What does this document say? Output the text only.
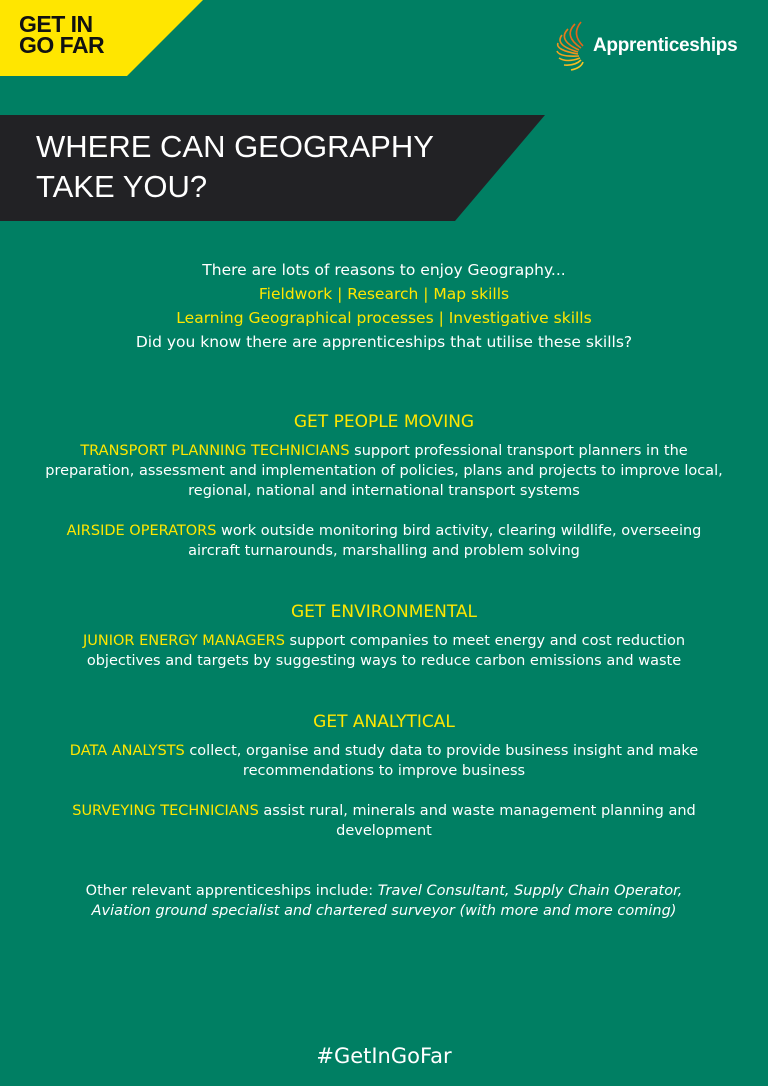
GET IN
GO FAR	Apprenticeships
WHERE CAN GEOGRAPHY
TAKE YOU?
There are lots of reasons to enjoy Geography...
Fieldwork | Research | Map skills
Learning Geographical processes | Investigative skills
Did you know there are apprenticeships that utilise these skills?
GET PEOPLE MOVING
TRANSPORT PLANNING TECHNICIANS support professional transport planners in the
preparation, assessment and implementation of policies, plans and projects to improve local,
regional, national and international transport systems
AIRSIDE OPERATORS work outside monitoring bird activity, clearing wildlife, overseeing
aircraft turnarounds, marshalling and problem solving
GET ENVIRONMENTAL
JUNIOR ENERGY MANAGERS support companies to meet energy and cost reduction
objectives and targets by suggesting ways to reduce carbon emissions and waste
GET ANALYTICAL
DATA ANALYSTS collect, organise and study data to provide business insight and make
recommendations to improve business
SURVEYING TECHNICIANS assist rural, minerals and waste management planning and
development
Other relevant apprenticeships include: Travel Consultant, Supply Chain Operator,
Aviation ground specialist and chartered surveyor (with more and more coming)
#GetInGoFar
